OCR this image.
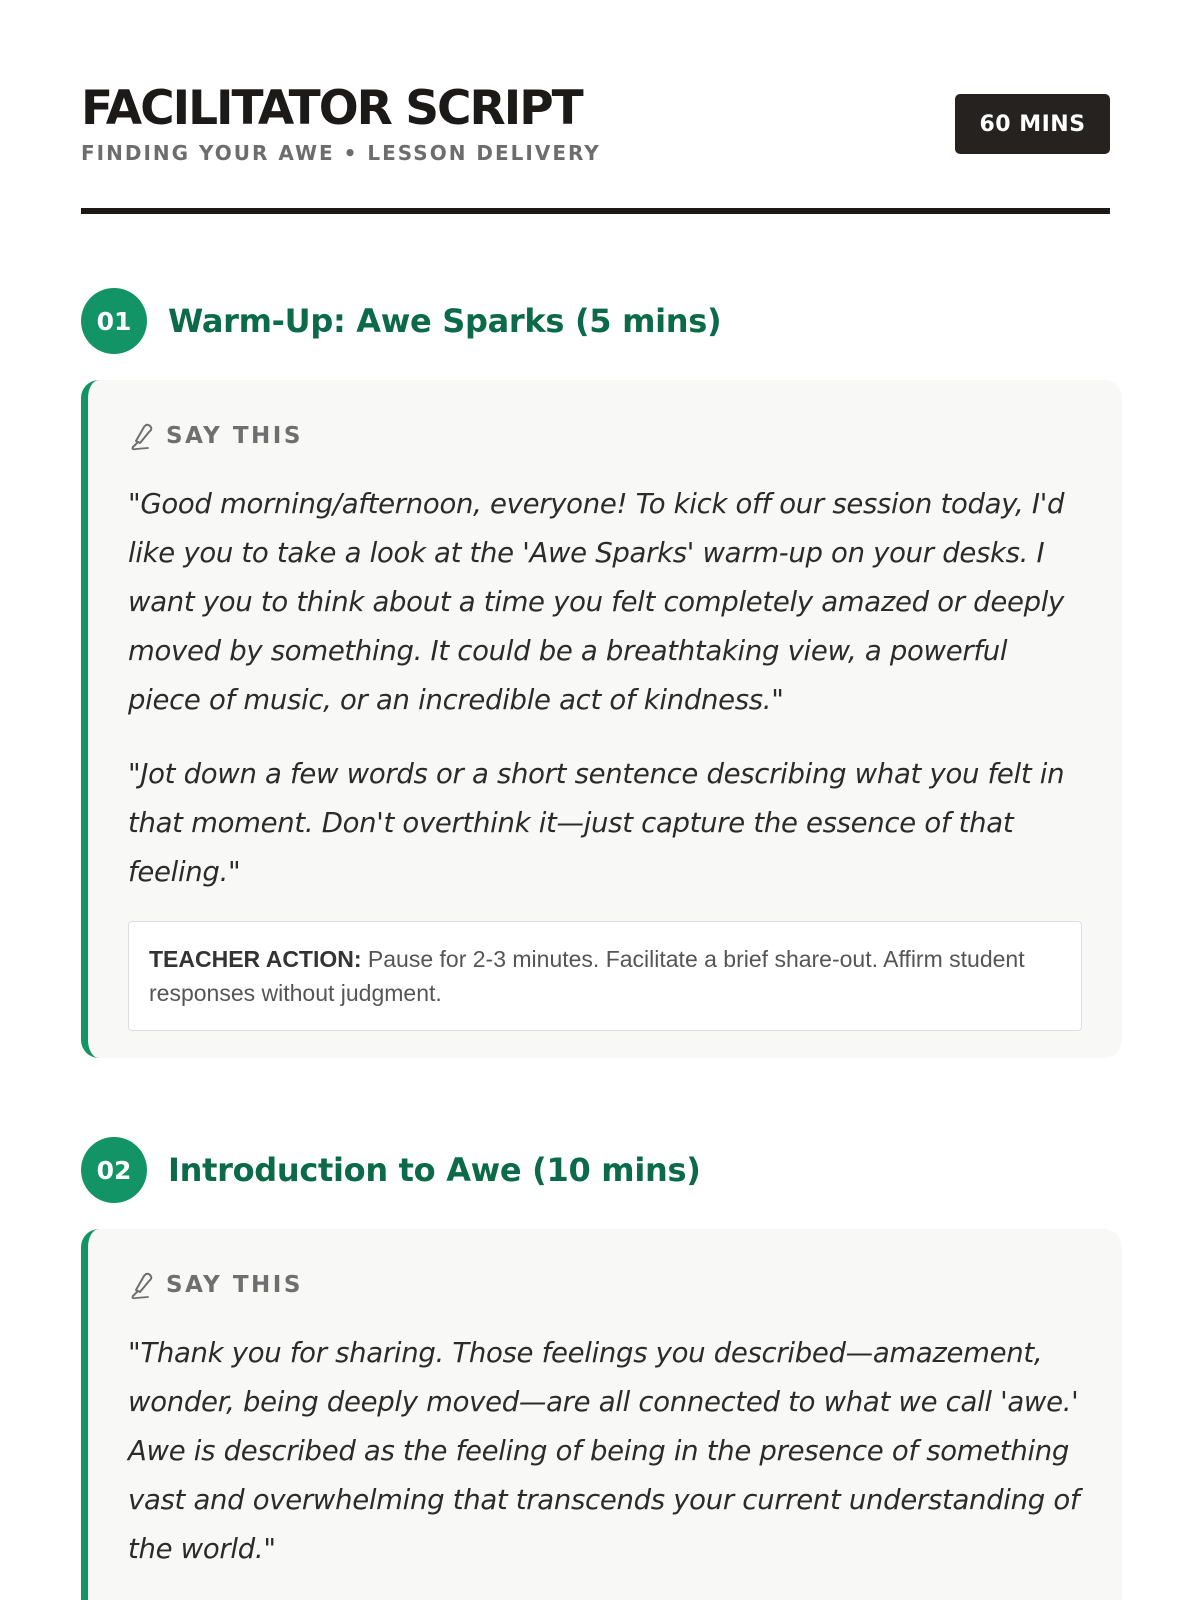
FACILITATOR SCRIPT
FINDING YOUR AWE • LESSON DELIVERY
60 MINS
01	Warm-Up: Awe Sparks (5 mins)
SAY THIS

"Good morning/afternoon, everyone! To kick off our session today, I'd like you to take a look at the 'Awe Sparks' warm-up on your desks. I want you to think about a time you felt completely amazed or deeply moved by something. It could be a breathtaking view, a powerful piece of music, or an incredible act of kindness."

"Jot down a few words or a short sentence describing what you felt in that moment. Don't overthink it—just capture the essence of that feeling."

TEACHER ACTION: Pause for 2-3 minutes. Facilitate a brief share-out. Affirm student responses without judgment.
02	Introduction to Awe (10 mins)
SAY THIS

"Thank you for sharing. Those feelings you described—amazement, wonder, being deeply moved—are all connected to what we call 'awe.' Awe is described as the feeling of being in the presence of something vast and overwhelming that transcends your current understanding of the world."
